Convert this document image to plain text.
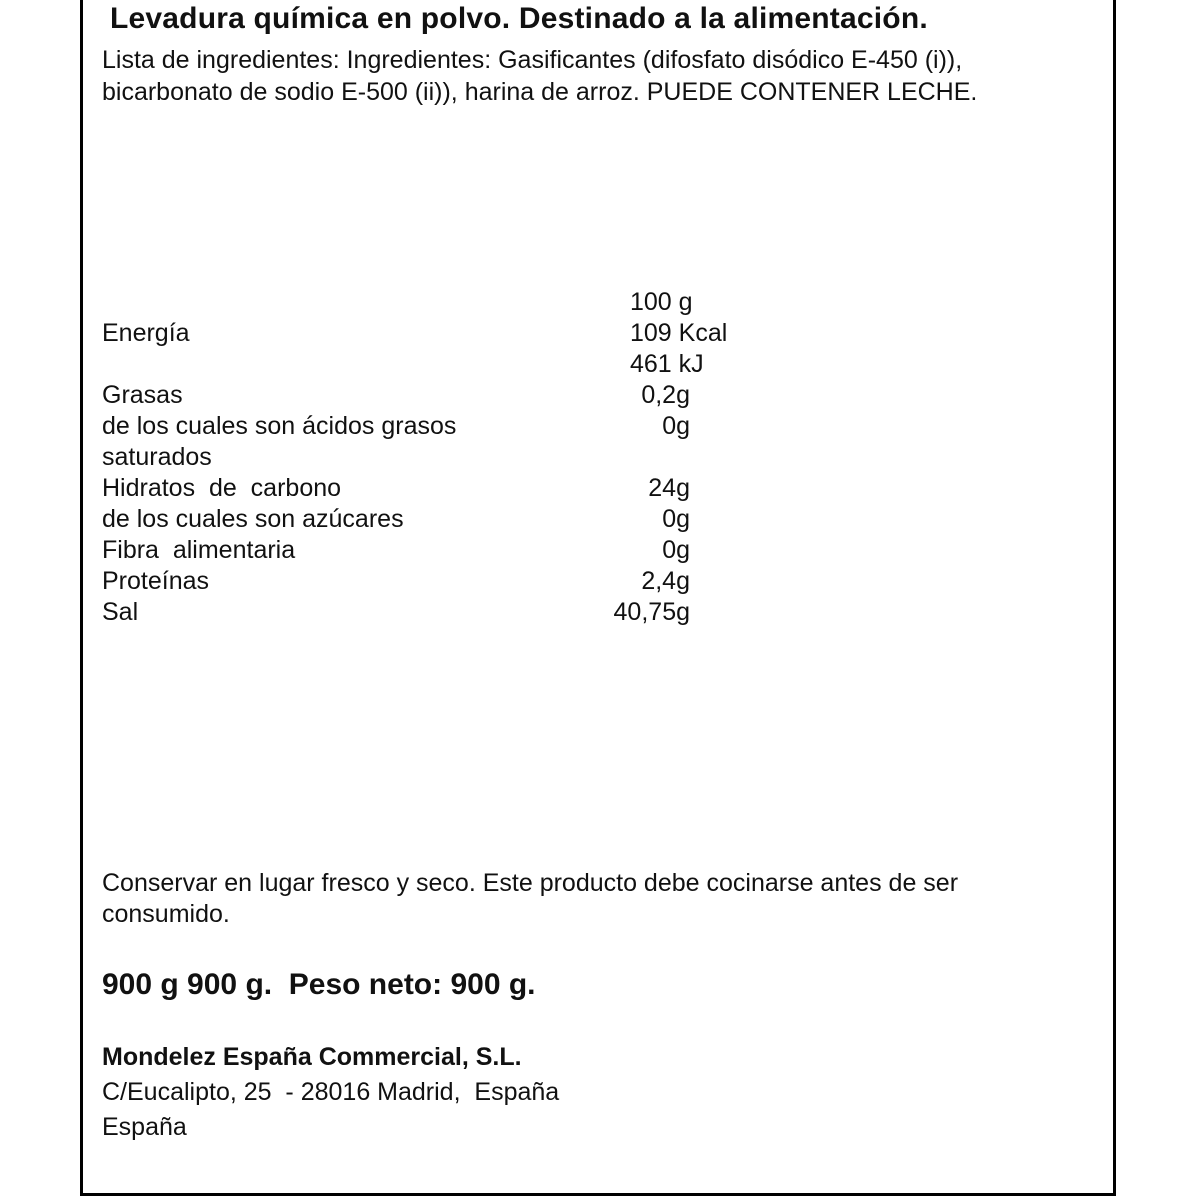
Levadura química en polvo. Destinado a la alimentación.
Lista de ingredientes: Ingredientes: Gasificantes (difosfato disódico E-450 (i)),
bicarbonato de sodio E-500 (ii)), harina de arroz. PUEDE CONTENER LECHE.
100 g
Energía	109 Kcal
461 kJ
Grasas	0,2g
de los cuales son ácidos grasos	0g
saturados
Hidratos  de  carbono	24g
de los cuales son azúcares	0g
Fibra  alimentaria	0g
Proteínas	2,4g
Sal	40,75g
Conservar en lugar fresco y seco. Este producto debe cocinarse antes de ser
consumido.
900 g 900 g.  Peso neto: 900 g.
Mondelez España Commercial, S.L.
C/Eucalipto, 25  - 28016 Madrid,  España
España
